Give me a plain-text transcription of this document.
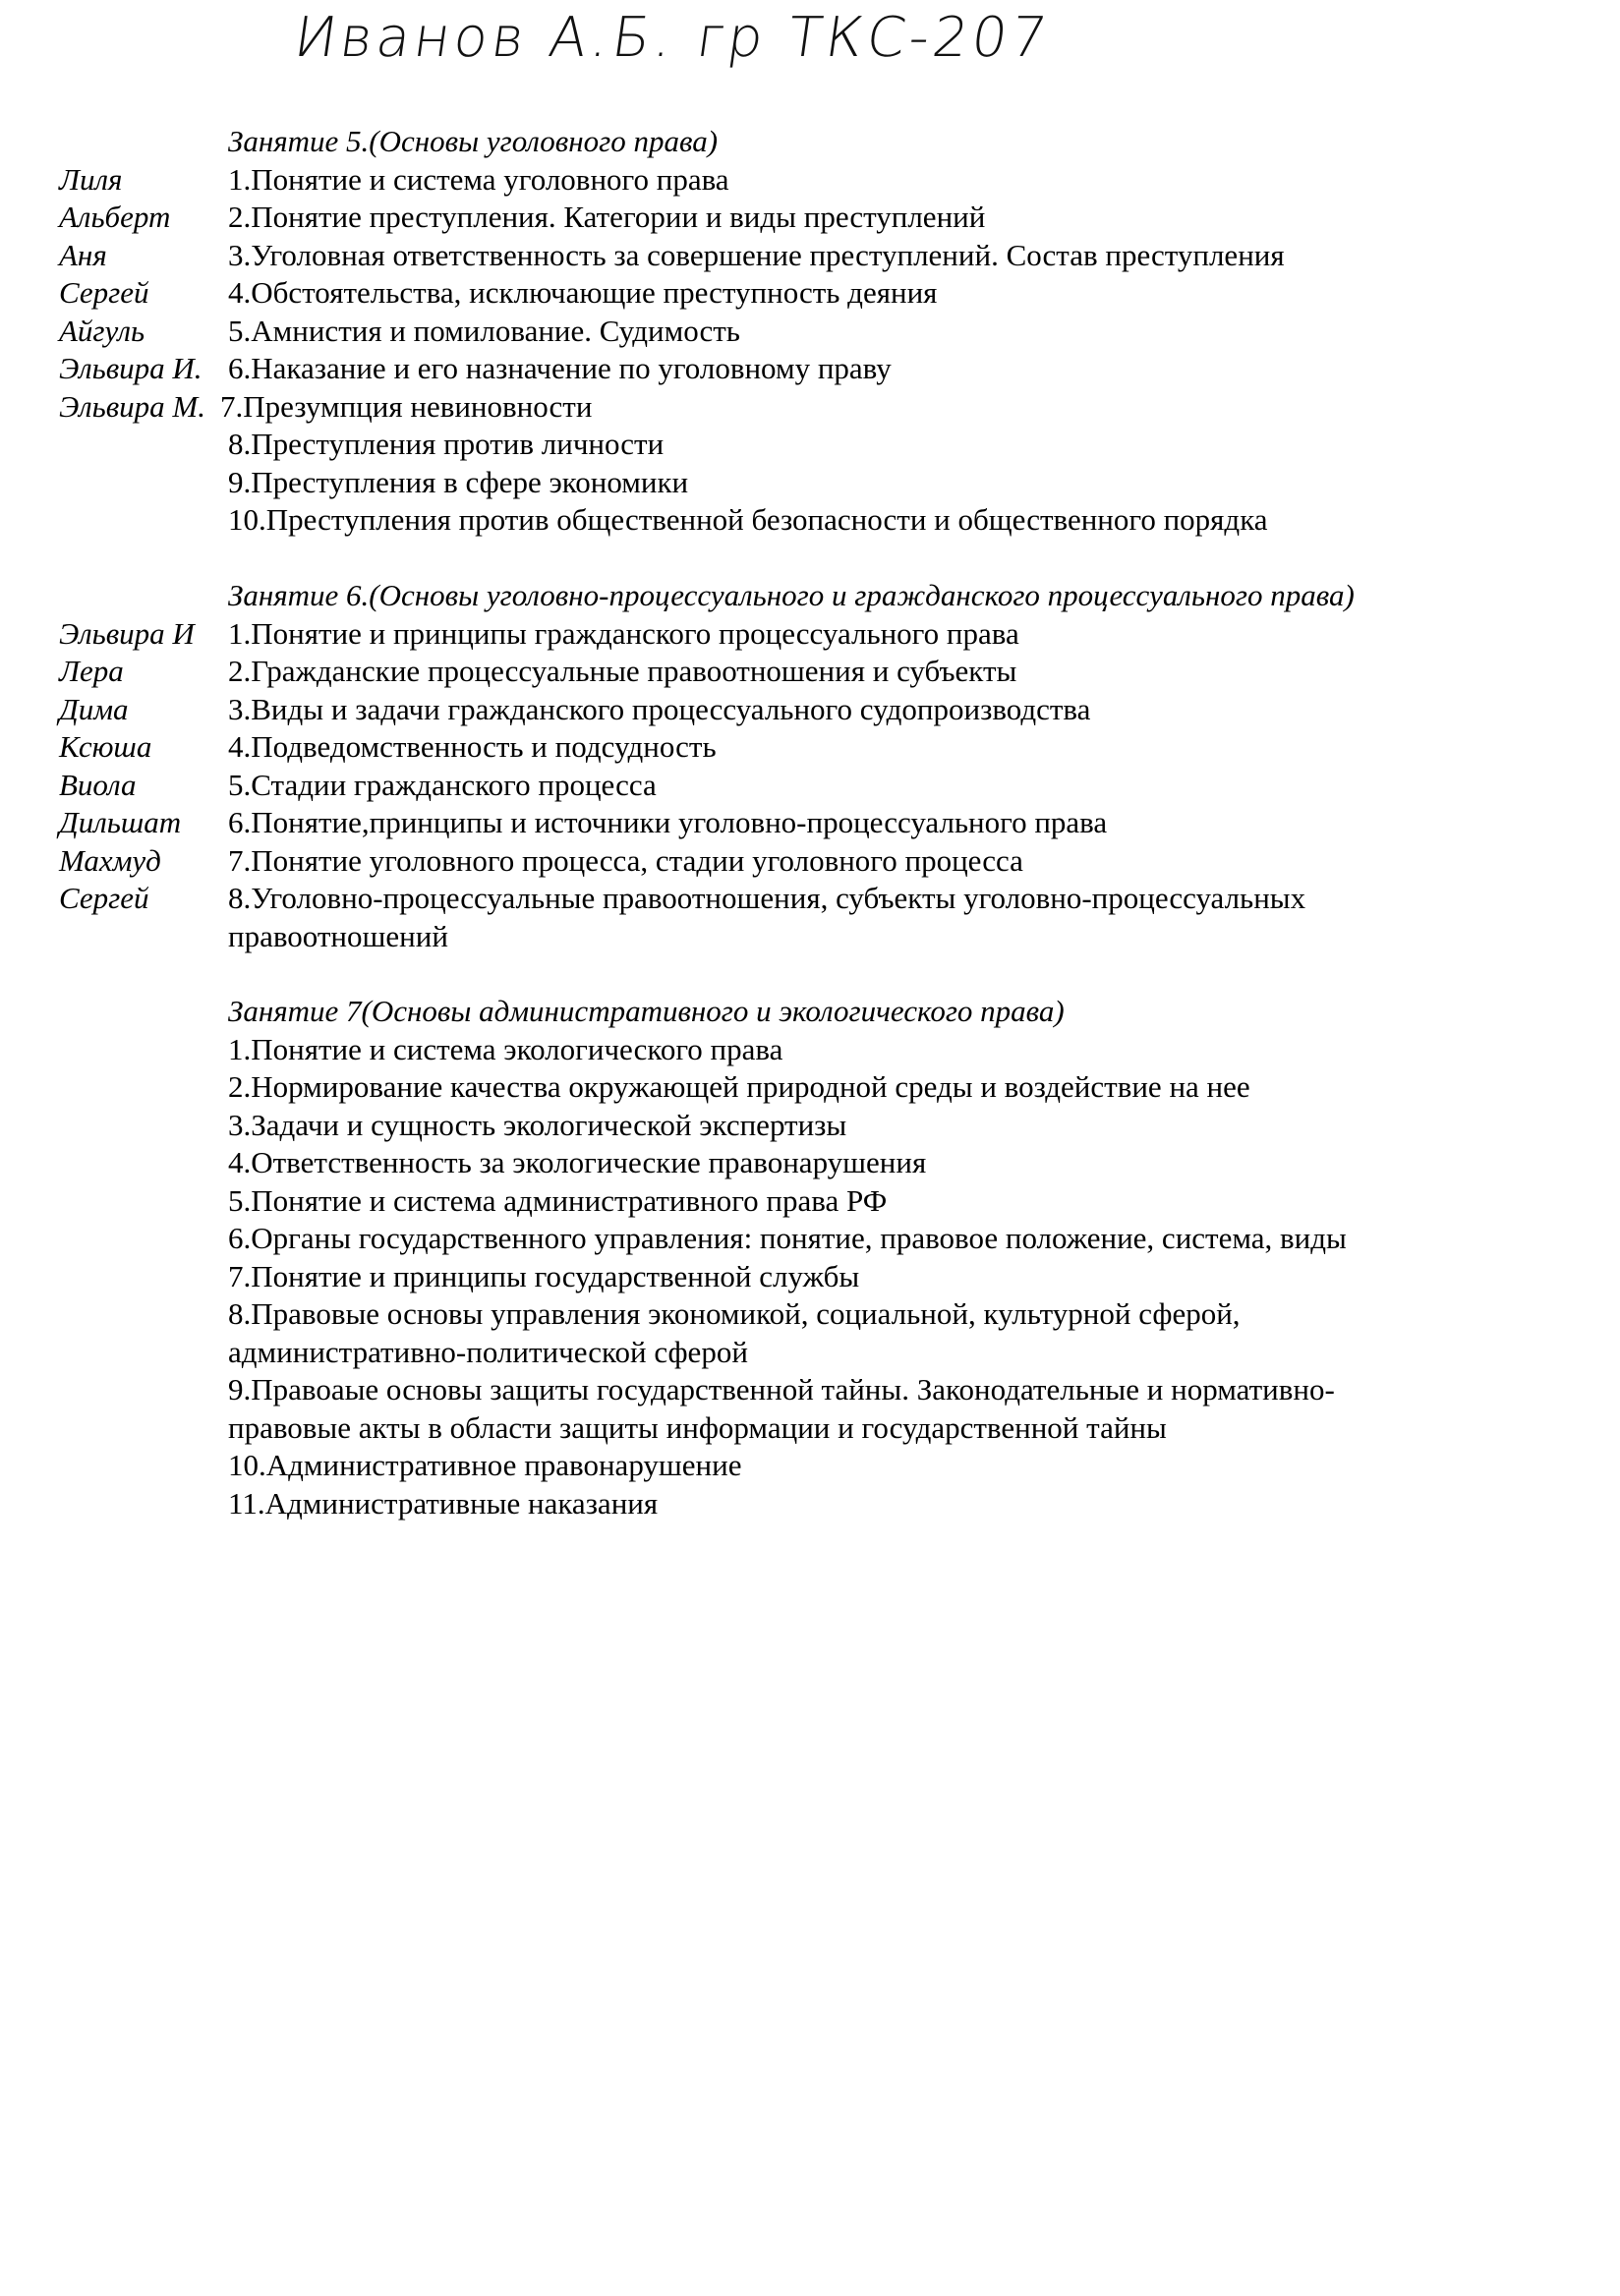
Иванов А.Б. гр ТКС-207
Занятие 5.(Основы уголовного права)
Лиля	1.Понятие и система уголовного права
Альберт	2.Понятие преступления. Категории и виды преступлений
Аня	3.Уголовная ответственность за совершение преступлений. Состав преступления
Сергей	4.Обстоятельства, исключающие преступность деяния
Айгуль	5.Амнистия и помилование. Судимость
Эльвира И. 6.Наказание и его назначение по уголовному праву
Эльвира М. 7.Презумпция невиновности
8.Преступления против личности
9.Преступления в сфере экономики
10.Преступления против общественной безопасности и общественного порядка
Занятие 6.(Основы уголовно-процессуального и гражданского процессуального права)
Эльвира И	1.Понятие и принципы гражданского процессуального права
Лера	2.Гражданские процессуальные правоотношения и субъекты
Дима	3.Виды и задачи гражданского процессуального судопроизводства
Ксюша	4.Подведомственность и подсудность
Виола	5.Стадии гражданского процесса
Дильшат	6.Понятие,принципы и источники уголовно-процессуального права
Махмуд	7.Понятие уголовного процесса, стадии уголовного процесса
Сергей	8.Уголовно-процессуальные правоотношения, субъекты уголовно-процессуальных
правоотношений
Занятие 7(Основы административного и экологического права)
1.Понятие и система экологического права
2.Нормирование качества окружающей природной среды и воздействие на нее
3.Задачи и сущность экологической экспертизы
4.Ответственность за экологические правонарушения
5.Понятие и система административного права РФ
6.Органы государственного управления: понятие, правовое положение, система, виды
7.Понятие и принципы государственной службы
8.Правовые основы управления экономикой, социальной, культурной сферой,
административно-политической сферой
9.Правоаые основы защиты государственной тайны. Законодательные и нормативно-
правовые акты в области защиты информации и государственной тайны
10.Административное правонарушение
11.Административные наказания
